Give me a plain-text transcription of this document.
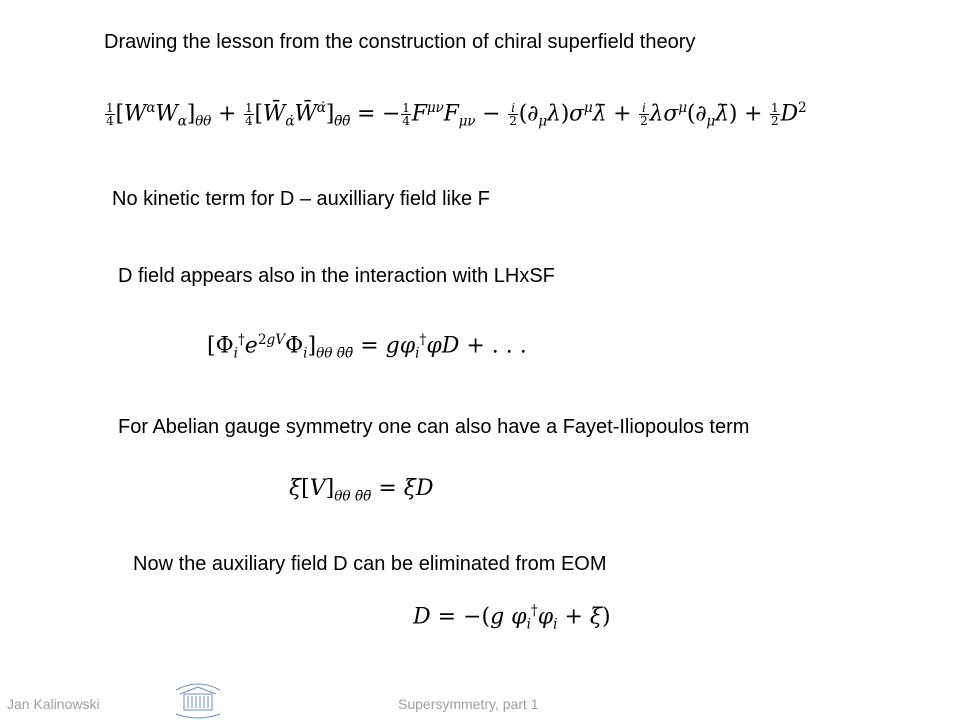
Drawing the lesson from the construction of chiral superfield theory
$\frac{1}{4} [W^\alpha W_\alpha]_{\theta\theta} + \frac{1}{4}$ $[W̄_{\alphȧ}W̄^{\alphȧ}]_{\thetā\thetā}$ = − $\frac{1}{4} F^{\mu\nu}F_{\mu\nu} - \frac{i}{2}$ $(\partial_\mu\lambda)\sigma^\mu\lambdā + \frac{i}{2}$ $\lambda\sigma^\mu(\partial_\mu\lambdā) + \frac{1}{2} D^2$
No kinetic term for D – auxilliary field like F
D field appears also in the interaction with LHxSF
$[\Phi_i^\dagger e^{2gV}\Phi_i]_{\theta\theta \thetā\thetā} = g\varphi_i^\dagger\varphi D$ + . . .
For Abelian gauge symmetry one can also have a Fayet-Iliopoulos term
$\xi[V]_{\theta\theta \thetā\thetā} = \xi D$
Now the auxiliary field D can be eliminated from EOM
D = −(g $\varphi_i^\dagger\varphi_i + \xi$)
Jan Kalinowski	Supersymmetry, part 1
